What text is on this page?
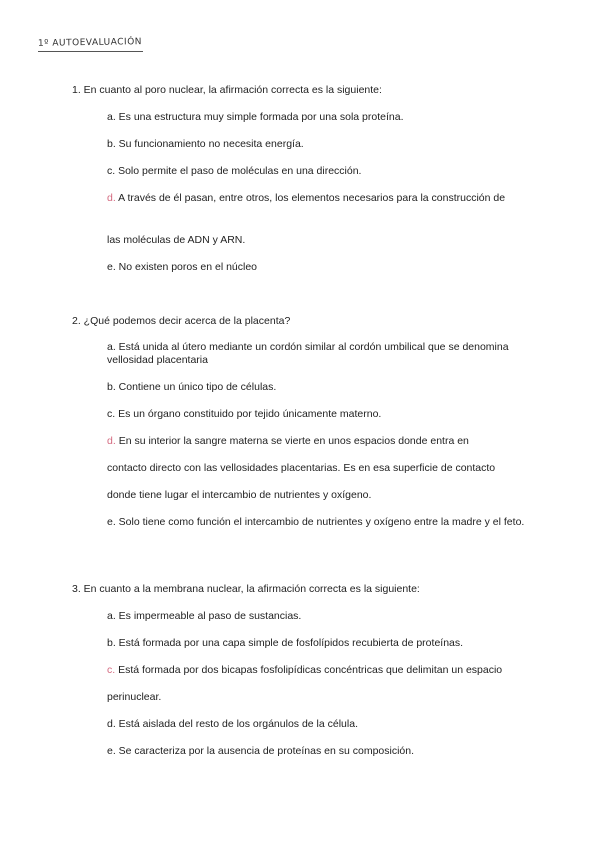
1º AUTOEVALUACIÓN
1. En cuanto al poro nuclear, la afirmación correcta es la siguiente:
a. Es una estructura muy simple formada por una sola proteína.
b. Su funcionamiento no necesita energía.
c. Solo permite el paso de moléculas en una dirección.
d. A través de él pasan, entre otros, los elementos necesarios para la construcción de
las moléculas de ADN y ARN.
e. No existen poros en el núcleo
2. ¿Qué podemos decir acerca de la placenta?
a. Está unida al útero mediante un cordón similar al cordón umbilical que se denomina vellosidad placentaria
b. Contiene un único tipo de células.
c. Es un órgano constituido por tejido únicamente materno.
d. En su interior la sangre materna se vierte en unos espacios donde entra en
contacto directo con las vellosidades placentarias. Es en esa superficie de contacto
donde tiene lugar el intercambio de nutrientes y oxígeno.
e. Solo tiene como función el intercambio de nutrientes y oxígeno entre la madre y el feto.
3. En cuanto a la membrana nuclear, la afirmación correcta es la siguiente:
a. Es impermeable al paso de sustancias.
b. Está formada por una capa simple de fosfolípidos recubierta de proteínas.
c. Está formada por dos bicapas fosfolipídicas concéntricas que delimitan un espacio
perinuclear.
d. Está aislada del resto de los orgánulos de la célula.
e. Se caracteriza por la ausencia de proteínas en su composición.
